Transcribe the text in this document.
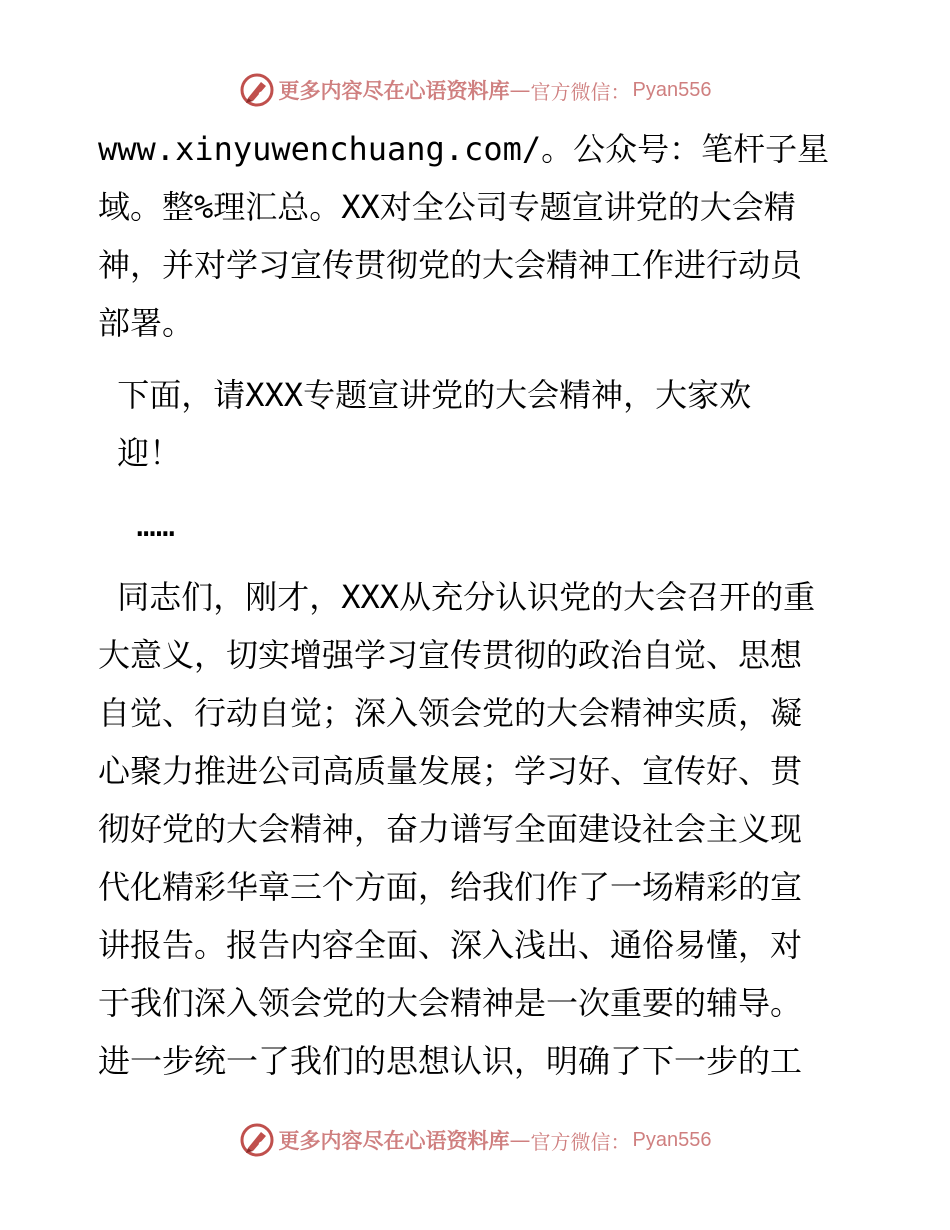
更多内容尽在心语资料库 — 官方微信： Pyan556
www.xinyuwenchuang.com/。公众号：笔杆子星
域。整%理汇总。XX对全公司专题宣讲党的大会精
神，并对学习宣传贯彻党的大会精神工作进行动员
部署。
下面，请XXX专题宣讲党的大会精神，大家欢
迎！
……
同志们，刚才，XXX从充分认识党的大会召开的重
大意义，切实增强学习宣传贯彻的政治自觉、思想
自觉、行动自觉；深入领会党的大会精神实质，凝
心聚力推进公司高质量发展；学习好、宣传好、贯
彻好党的大会精神，奋力谱写全面建设社会主义现
代化精彩华章三个方面，给我们作了一场精彩的宣
讲报告。报告内容全面、深入浅出、通俗易懂，对
于我们深入领会党的大会精神是一次重要的辅导。
进一步统一了我们的思想认识，明确了下一步的工
更多内容尽在心语资料库 — 官方微信： Pyan556
